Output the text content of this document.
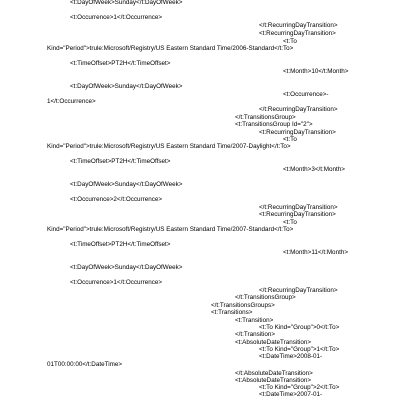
<t:DayOfWeek>Sunday</t:DayOfWeek>
<t:Occurrence>1</t:Occurrence>
</t:RecurringDayTransition>
<t:RecurringDayTransition>
<t:To
Kind="Period">trule:Microsoft/Registry/US Eastern Standard Time/2006-Standard</t:To>
<t:TimeOffset>PT2H</t:TimeOffset>
<t:Month>10</t:Month>
<t:DayOfWeek>Sunday</t:DayOfWeek>
<t:Occurrence>-
1</t:Occurrence>
</t:RecurringDayTransition>
</t:TransitionsGroup>
<t:TransitionsGroup Id="2">
<t:RecurringDayTransition>
<t:To
Kind="Period">trule:Microsoft/Registry/US Eastern Standard Time/2007-Daylight</t:To>
<t:TimeOffset>PT2H</t:TimeOffset>
<t:Month>3</t:Month>
<t:DayOfWeek>Sunday</t:DayOfWeek>
<t:Occurrence>2</t:Occurrence>
</t:RecurringDayTransition>
<t:RecurringDayTransition>
<t:To
Kind="Period">trule:Microsoft/Registry/US Eastern Standard Time/2007-Standard</t:To>
<t:TimeOffset>PT2H</t:TimeOffset>
<t:Month>11</t:Month>
<t:DayOfWeek>Sunday</t:DayOfWeek>
<t:Occurrence>1</t:Occurrence>
</t:RecurringDayTransition>
</t:TransitionsGroup>
</t:TransitionsGroups>
<t:Transitions>
<t:Transition>
<t:To Kind="Group">0</t:To>
</t:Transition>
<t:AbsoluteDateTransition>
<t:To Kind="Group">1</t:To>
<t:DateTime>2008-01-
01T00:00:00</t:DateTime>
</t:AbsoluteDateTransition>
<t:AbsoluteDateTransition>
<t:To Kind="Group">2</t:To>
<t:DateTime>2007-01-
